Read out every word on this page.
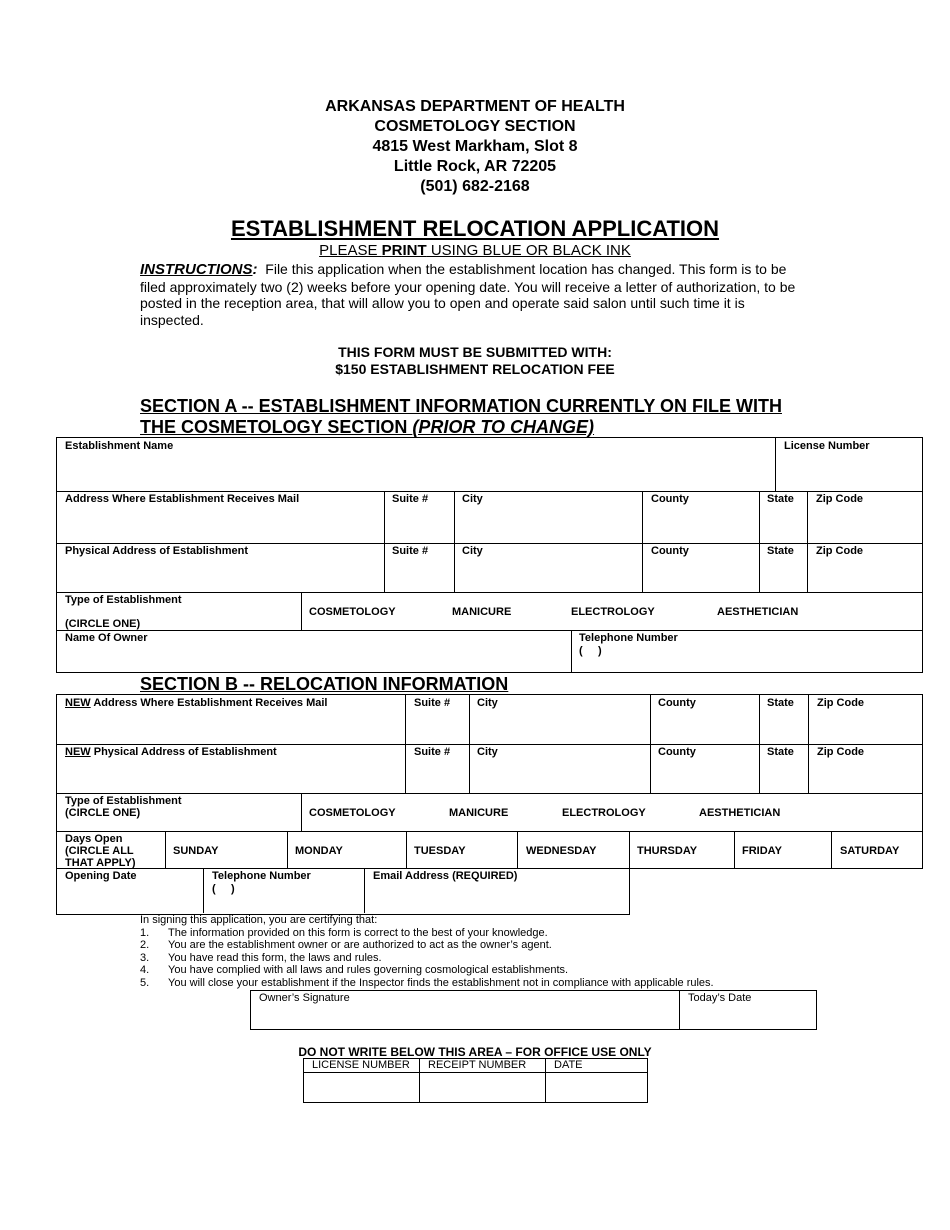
ARKANSAS DEPARTMENT OF HEALTH
COSMETOLOGY SECTION
4815 West Markham, Slot 8
Little Rock, AR 72205
(501) 682-2168
ESTABLISHMENT RELOCATION APPLICATION
PLEASE PRINT USING BLUE OR BLACK INK
INSTRUCTIONS: File this application when the establishment location has changed. This form is to be filed approximately two (2) weeks before your opening date. You will receive a letter of authorization, to be posted in the reception area, that will allow you to open and operate said salon until such time it is inspected.
THIS FORM MUST BE SUBMITTED WITH:
$150 ESTABLISHMENT RELOCATION FEE
SECTION A -- ESTABLISHMENT INFORMATION CURRENTLY ON FILE WITH
THE COSMETOLOGY SECTION (PRIOR TO CHANGE)
Establishment Name	License Number
Address Where Establishment Receives Mail	Suite #	City	County	State Zip Code
Physical Address of Establishment	Suite #	City	County	State Zip Code
Type of Establishment
(CIRCLE ONE)
COSMETOLOGY	MANICURE	ELECTROLOGY	AESTHETICIAN
Name Of Owner	Telephone Number
(     )
SECTION B -- RELOCATION INFORMATION
NEW Address Where Establishment Receives Mail	Suite # City	County	State Zip Code
NEW Physical Address of Establishment	Suite # City	County	State Zip Code
Type of Establishment
(CIRCLE ONE)	COSMETOLOGY	MANICURE	ELECTROLOGY	AESTHETICIAN
Days Open
(CIRCLE ALL
THAT APPLY)
SUNDAY	MONDAY	TUESDAY	WEDNESDAY	THURSDAY	FRIDAY	SATURDAY
Opening Date	Telephone Number
(     )
Email Address (REQUIRED)
In signing this application, you are certifying that:
1. The information provided on this form is correct to the best of your knowledge.
2. You are the establishment owner or are authorized to act as the owner’s agent.
3. You have read this form, the laws and rules.
4. You have complied with all laws and rules governing cosmological establishments.
5. You will close your establishment if the Inspector finds the establishment not in compliance with applicable rules.
Owner’s Signature	Today’s Date
DO NOT WRITE BELOW THIS AREA – FOR OFFICE USE ONLY
LICENSE NUMBER RECEIPT NUMBER	DATE
